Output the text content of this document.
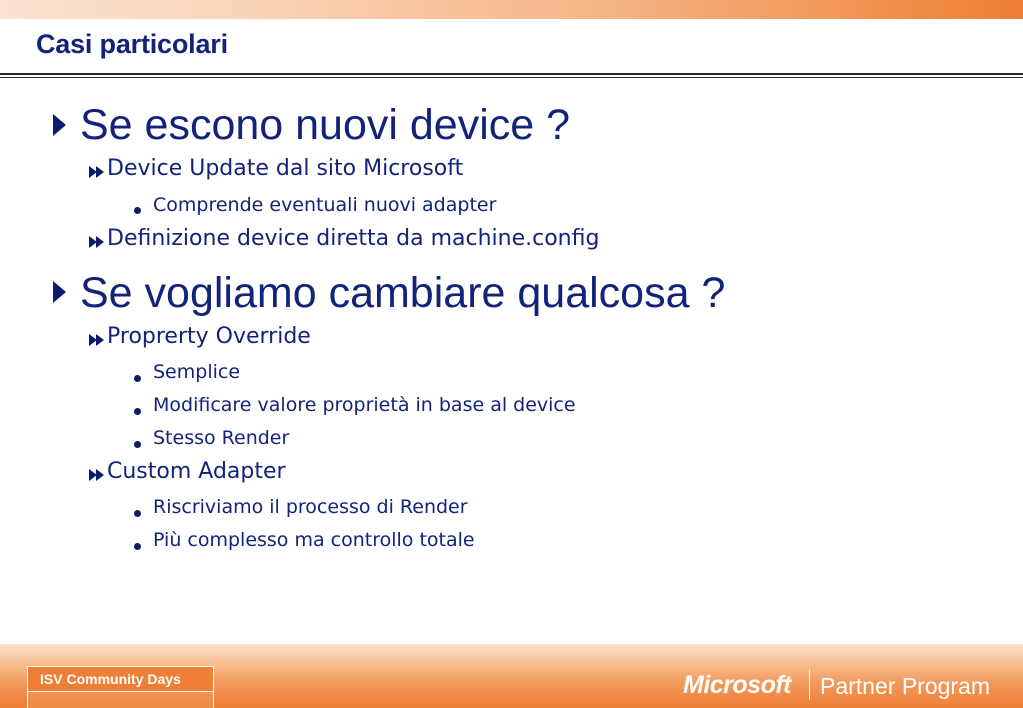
Casi particolari
Se escono nuovi device ?
Device Update dal sito Microsoft
Comprende eventuali nuovi adapter
Definizione device diretta da machine.config
Se vogliamo cambiare qualcosa ?
Proprerty Override
Semplice
Modificare valore proprietà in base al device
Stesso Render
Custom Adapter
Riscriviamo il processo di Render
Più complesso ma controllo totale
ISV Community Days	Microsoft Partner Program
